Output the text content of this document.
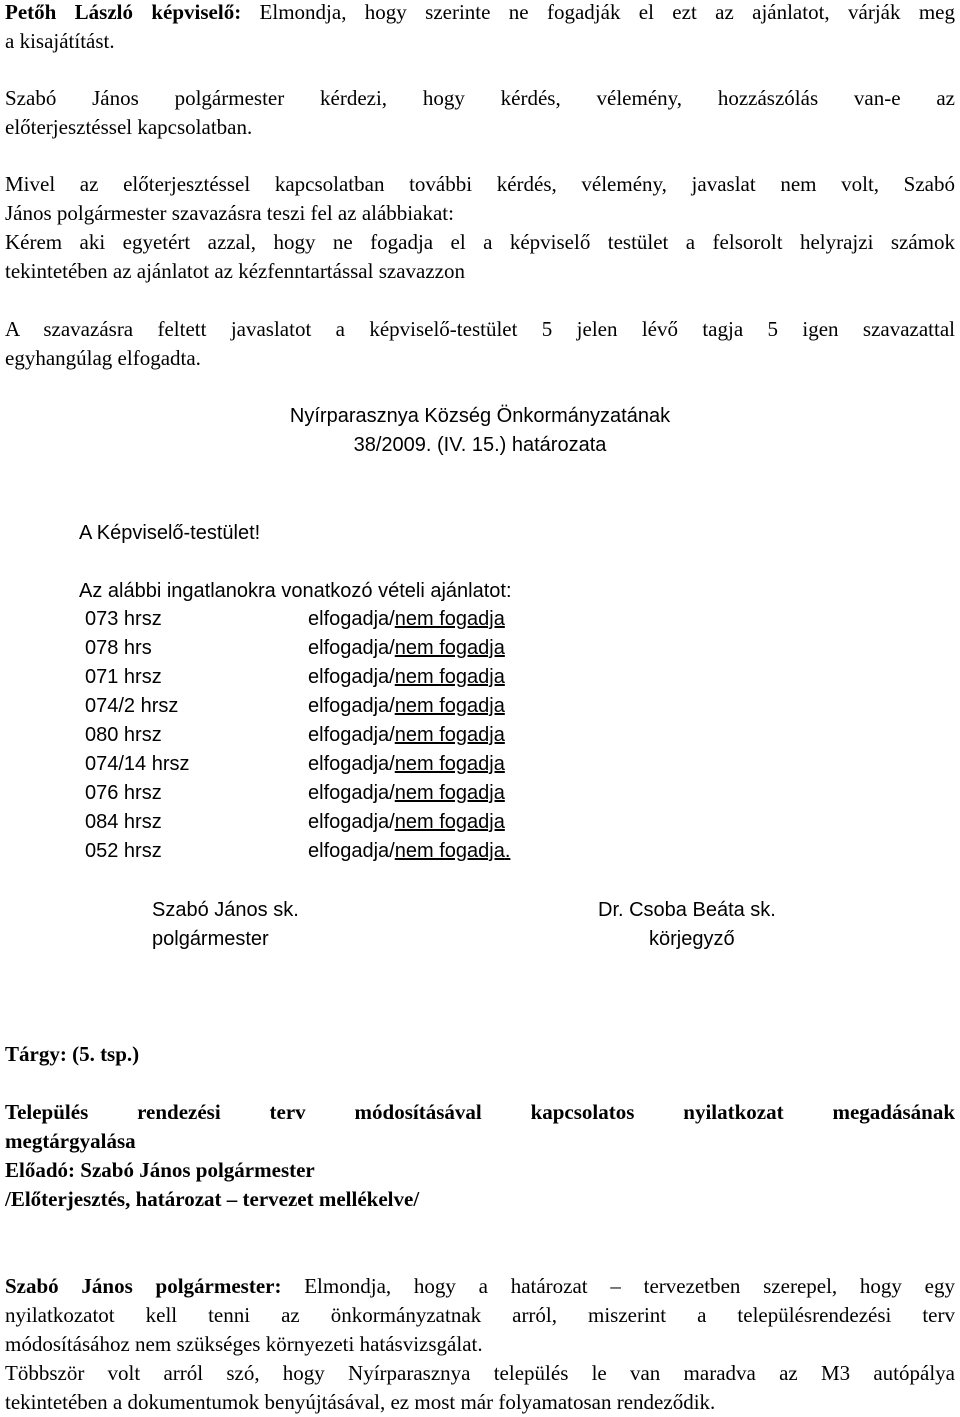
Petőh László képviselő: Elmondja, hogy szerinte ne fogadják el ezt az ajánlatot, várják meg
a kisajátítást.
Szabó János polgármester kérdezi, hogy kérdés, vélemény, hozzászólás van-e az
előterjesztéssel kapcsolatban.
Mivel az előterjesztéssel kapcsolatban további kérdés, vélemény, javaslat nem volt, Szabó
János polgármester szavazásra teszi fel az alábbiakat:
Kérem aki egyetért azzal, hogy ne fogadja el a képviselő testület a felsorolt helyrajzi számok
tekintetében az ajánlatot az kézfenntartással szavazzon
A szavazásra feltett javaslatot a képviselő-testület 5 jelen lévő tagja 5 igen szavazattal
egyhangúlag elfogadta.
Nyírparasznya Község Önkormányzatának
38/2009. (IV. 15.) határozata
A Képviselő-testület!
Az alábbi ingatlanokra vonatkozó vételi ajánlatot:
073 hrsz	elfogadja/nem fogadja
078 hrs	elfogadja/nem fogadja
071 hrsz	elfogadja/nem fogadja
074/2 hrsz	elfogadja/nem fogadja
080 hrsz	elfogadja/nem fogadja
074/14 hrsz	elfogadja/nem fogadja
076 hrsz	elfogadja/nem fogadja
084 hrsz	elfogadja/nem fogadja
052 hrsz	elfogadja/nem fogadja.
Szabó János sk.
polgármester
Dr. Csoba Beáta sk.
körjegyző
Tárgy: (5. tsp.)
Település rendezési terv módosításával kapcsolatos nyilatkozat megadásának
megtárgyalása
Előadó: Szabó János polgármester
/Előterjesztés, határozat – tervezet mellékelve/
Szabó János polgármester: Elmondja, hogy a határozat – tervezetben szerepel, hogy egy
nyilatkozatot kell tenni az önkormányzatnak arról, miszerint a településrendezési terv
módosításához nem szükséges környezeti hatásvizsgálat.
Többször volt arról szó, hogy Nyírparasznya település le van maradva az M3 autópálya
tekintetében a dokumentumok benyújtásával, ez most már folyamatosan rendeződik.
